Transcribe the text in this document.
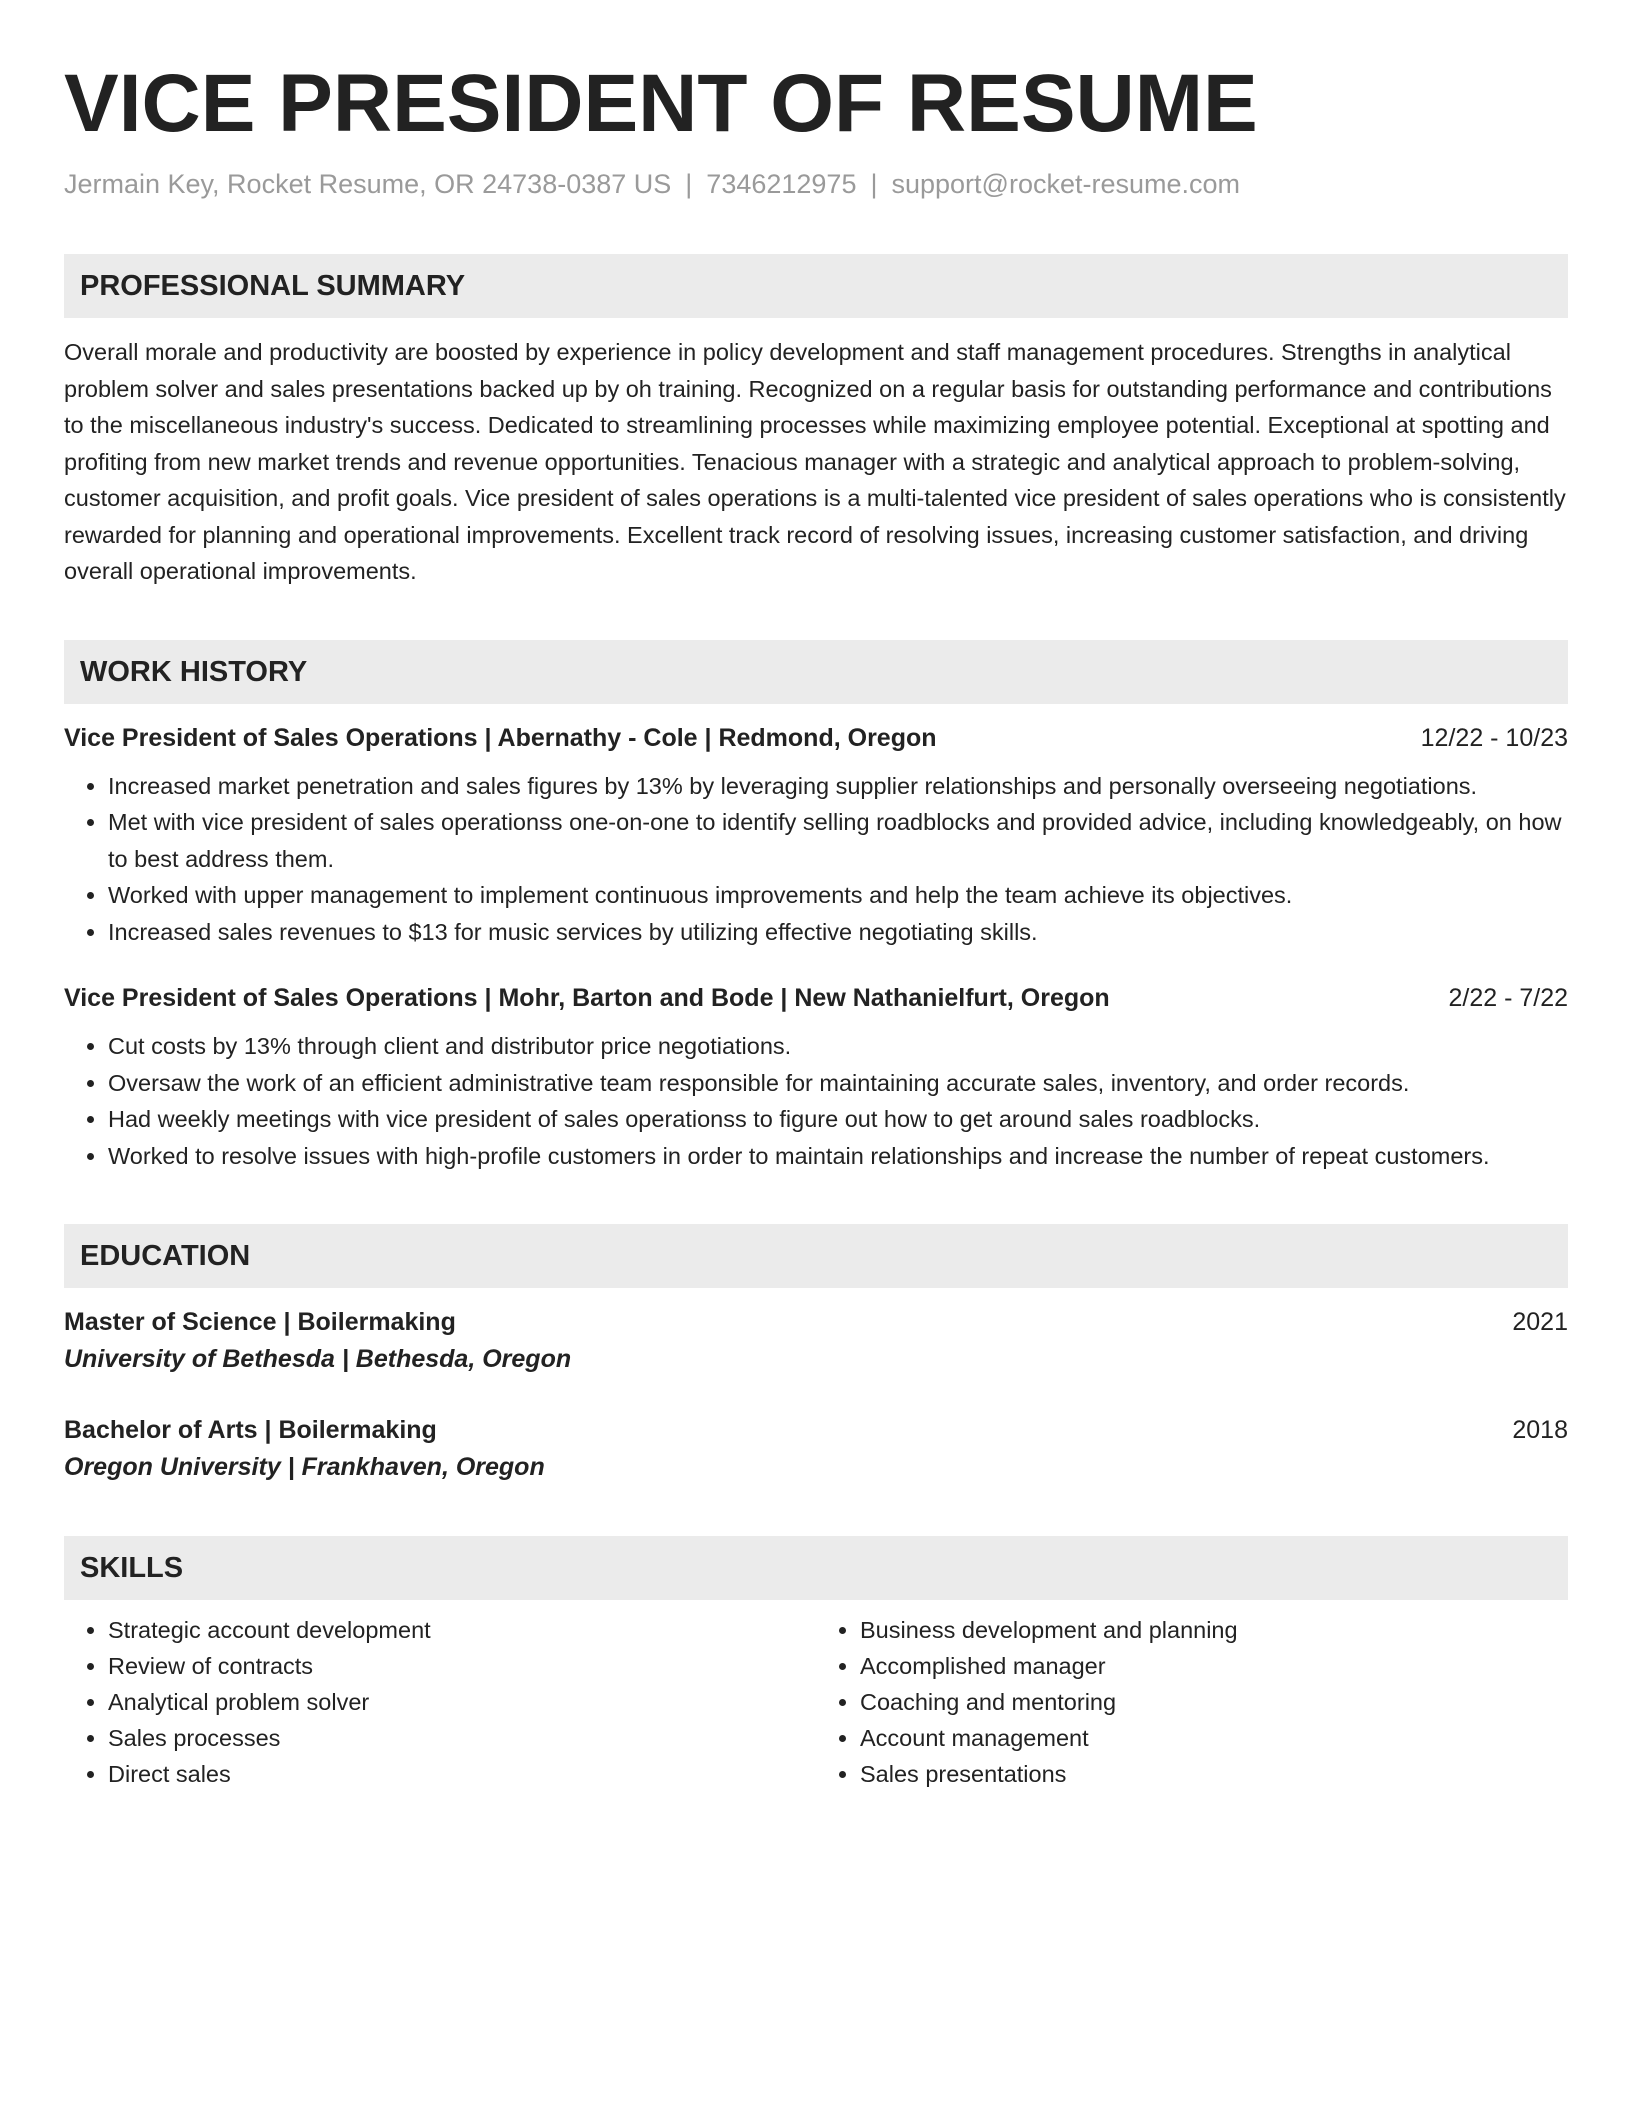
VICE PRESIDENT OF RESUME
Jermain Key, Rocket Resume, OR 24738-0387 US | 7346212975 | support@rocket-resume.com
PROFESSIONAL SUMMARY
Overall morale and productivity are boosted by experience in policy development and staff management procedures. Strengths in analytical problem solver and sales presentations backed up by oh training. Recognized on a regular basis for outstanding performance and contributions to the miscellaneous industry's success. Dedicated to streamlining processes while maximizing employee potential. Exceptional at spotting and profiting from new market trends and revenue opportunities. Tenacious manager with a strategic and analytical approach to problem-solving, customer acquisition, and profit goals. Vice president of sales operations is a multi-talented vice president of sales operations who is consistently rewarded for planning and operational improvements. Excellent track record of resolving issues, increasing customer satisfaction, and driving overall operational improvements.
WORK HISTORY
Vice President of Sales Operations | Abernathy - Cole | Redmond, Oregon	12/22 - 10/23
• Increased market penetration and sales figures by 13% by leveraging supplier relationships and personally overseeing negotiations.
• Met with vice president of sales operationss one-on-one to identify selling roadblocks and provided advice, including knowledgeably, on how to best address them.
• Worked with upper management to implement continuous improvements and help the team achieve its objectives.
• Increased sales revenues to $13 for music services by utilizing effective negotiating skills.
Vice President of Sales Operations | Mohr, Barton and Bode | New Nathanielfurt, Oregon	2/22 - 7/22
• Cut costs by 13% through client and distributor price negotiations.
• Oversaw the work of an efficient administrative team responsible for maintaining accurate sales, inventory, and order records.
• Had weekly meetings with vice president of sales operationss to figure out how to get around sales roadblocks.
• Worked to resolve issues with high-profile customers in order to maintain relationships and increase the number of repeat customers.
EDUCATION
Master of Science | Boilermaking	2021
University of Bethesda | Bethesda, Oregon
Bachelor of Arts | Boilermaking	2018
Oregon University | Frankhaven, Oregon
SKILLS
• Strategic account development
• Review of contracts
• Analytical problem solver
• Sales processes
• Direct sales
• Business development and planning
• Accomplished manager
• Coaching and mentoring
• Account management
• Sales presentations
